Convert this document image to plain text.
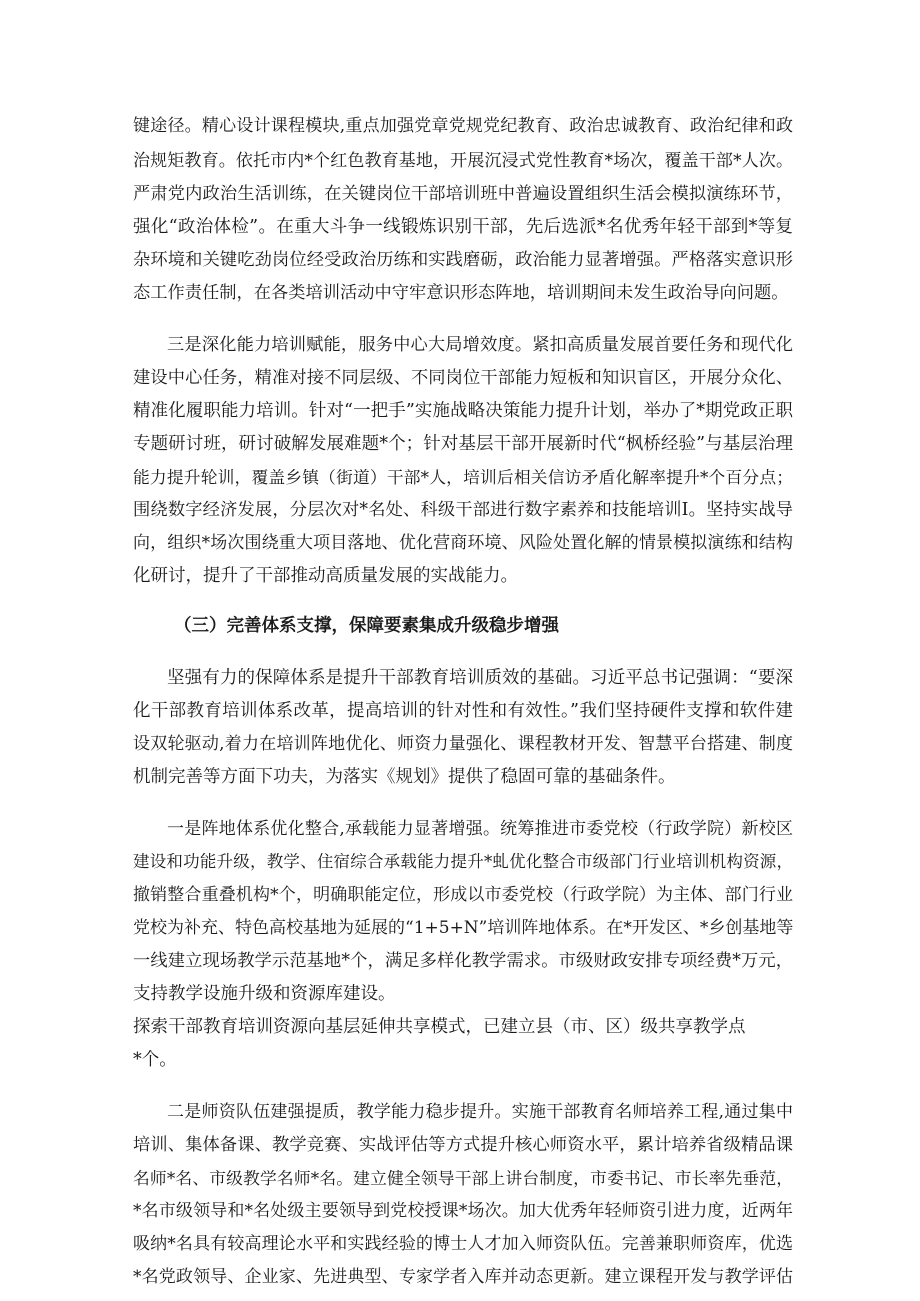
键途径。精心设计课程模块,重点加强党章党规党纪教育、政治忠诚教育、政治纪律和政
治规矩教育。依托市内*个红色教育基地，开展沉浸式党性教育*场次，覆盖干部*人次。
严肃党内政治生活训练，在关键岗位干部培训班中普遍设置组织生活会模拟演练环节，
强化“政治体检”。在重大斗争一线锻炼识别干部，先后选派*名优秀年轻干部到*等复
杂环境和关键吃劲岗位经受政治历练和实践磨砺，政治能力显著增强。严格落实意识形
态工作责任制，在各类培训活动中守牢意识形态阵地，培训期间未发生政治导向问题。
三是深化能力培训赋能，服务中心大局增效度。紧扣高质量发展首要任务和现代化
建设中心任务，精准对接不同层级、不同岗位干部能力短板和知识盲区，开展分众化、
精准化履职能力培训。针对“一把手”实施战略决策能力提升计划，举办了*期党政正职
专题研讨班，研讨破解发展难题*个；针对基层干部开展新时代“枫桥经验”与基层治理
能力提升轮训，覆盖乡镇（街道）干部*人，培训后相关信访矛盾化解率提升*个百分点；
围绕数字经济发展，分层次对*名处、科级干部进行数字素养和技能培训I。坚持实战导
向，组织*场次围绕重大项目落地、优化营商环境、风险处置化解的情景模拟演练和结构
化研讨，提升了干部推动高质量发展的实战能力。
（三）完善体系支撑，保障要素集成升级稳步增强
坚强有力的保障体系是提升干部教育培训质效的基础。习近平总书记强调：“要深
化干部教育培训体系改革，提高培训的针对性和有效性。”我们坚持硬件支撑和软件建
设双轮驱动,着力在培训阵地优化、师资力量强化、课程教材开发、智慧平台搭建、制度
机制完善等方面下功夫，为落实《规划》提供了稳固可靠的基础条件。
一是阵地体系优化整合,承载能力显著增强。统筹推进市委党校（行政学院）新校区
建设和功能升级，教学、住宿综合承载能力提升*虬优化整合市级部门行业培训机构资源，
撤销整合重叠机构*个，明确职能定位，形成以市委党校（行政学院）为主体、部门行业
党校为补充、特色高校基地为延展的“1+5+N”培训阵地体系。在*开发区、*乡创基地等
一线建立现场教学示范基地*个，满足多样化教学需求。市级财政安排专项经费*万元，
支持教学设施升级和资源库建设。
探索干部教育培训资源向基层延伸共享模式，已建立县（市、区）级共享教学点
*个。
二是师资队伍建强提质，教学能力稳步提升。实施干部教育名师培养工程,通过集中
培训、集体备课、教学竞赛、实战评估等方式提升核心师资水平，累计培养省级精品课
名师*名、市级教学名师*名。建立健全领导干部上讲台制度，市委书记、市长率先垂范，
*名市级领导和*名处级主要领导到党校授课*场次。加大优秀年轻师资引进力度，近两年
吸纳*名具有较高理论水平和实践经验的博士人才加入师资队伍。完善兼职师资库，优选
*名党政领导、企业家、先进典型、专家学者入库并动态更新。建立课程开发与教学评估
